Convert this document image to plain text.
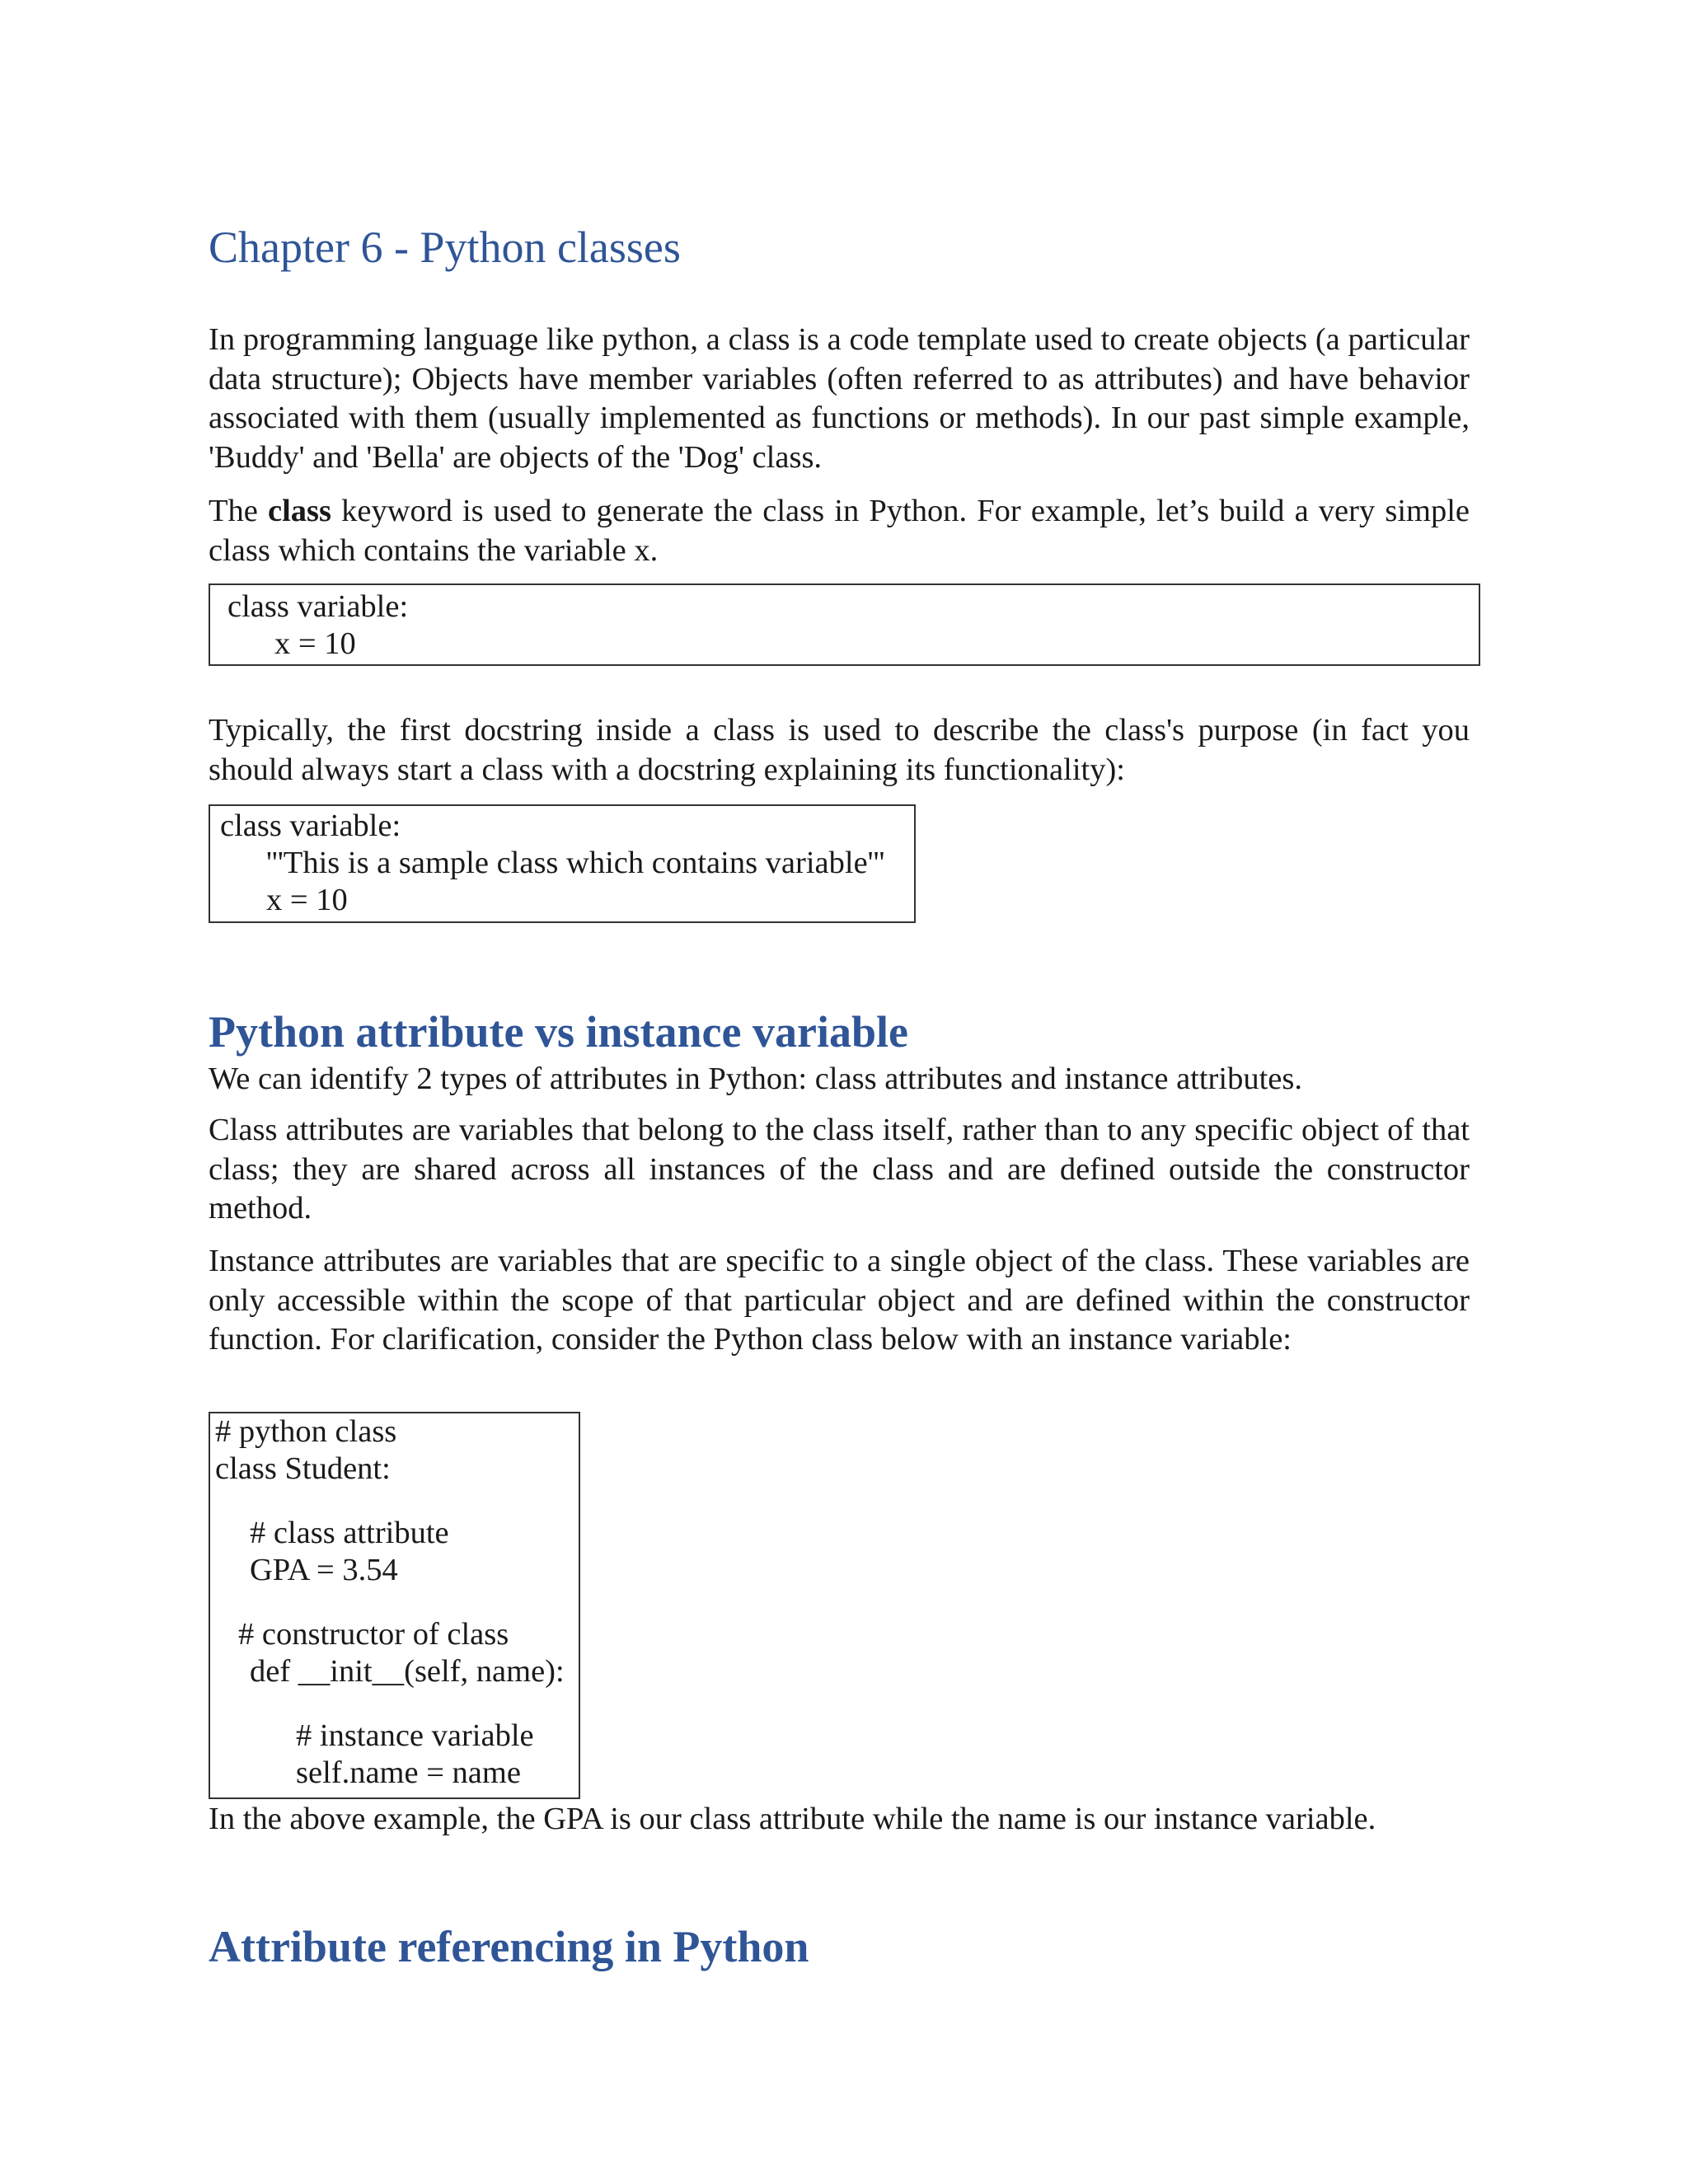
Chapter 6 - Python classes

In programming language like python, a class is a code template used to create objects (a particular data structure); Objects have member variables (often referred to as attributes) and have behavior associated with them (usually implemented as functions or methods). In our past simple example, 'Buddy' and 'Bella' are objects of the 'Dog' class.

The class keyword is used to generate the class in Python. For example, let’s build a very simple class which contains the variable x.

class variable:
x = 10

Typically, the first docstring inside a class is used to describe the class's purpose (in fact you should always start a class with a docstring explaining its functionality):

class variable:
'''This is a sample class which contains variable'''
x = 10
Python attribute vs instance variable

We can identify 2 types of attributes in Python: class attributes and instance attributes.

Class attributes are variables that belong to the class itself, rather than to any specific object of that class; they are shared across all instances of the class and are defined outside the constructor method.

Instance attributes are variables that are specific to a single object of the class. These variables are only accessible within the scope of that particular object and are defined within the constructor function. For clarification, consider the Python class below with an instance variable:

# python class
class Student:
# class attribute
GPA = 3.54
# constructor of class
def __init__(self, name):
# instance variable
self.name = name

In the above example, the GPA is our class attribute while the name is our instance variable.

Attribute referencing in Python
